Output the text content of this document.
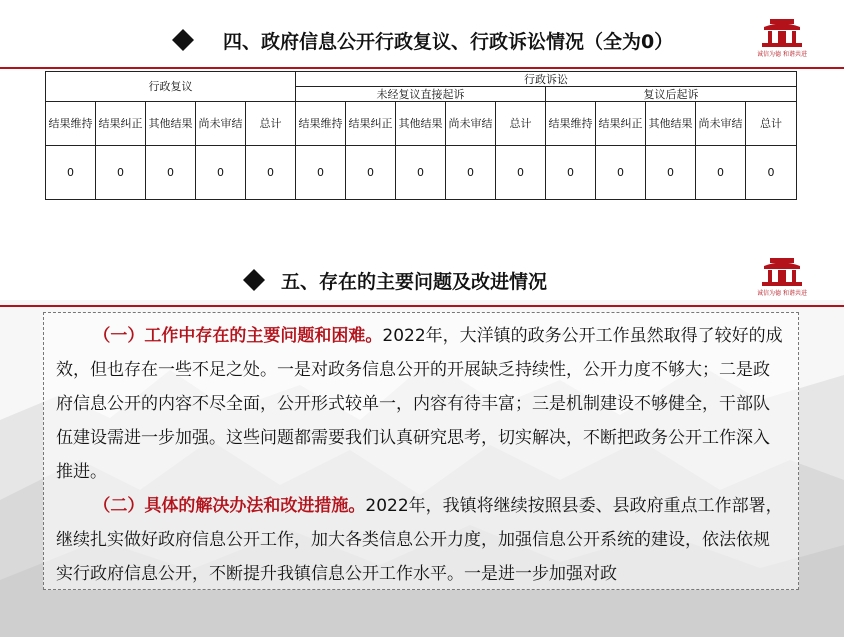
四、政府信息公开行政复议、行政诉讼情况（全为0）
诚信为德 和谐共进
行政复议					行政诉讼									
					未经复议直接起诉					复议后起诉				
结果维持	结果纠正	其他结果	尚未审结	总计	结果维持	结果纠正	其他结果	尚未审结	总计	结果维持	结果纠正	其他结果	尚未审结	总计
0	0	0	0	0	0	0	0	0	0	0	0	0	0	0
五、存在的主要问题及改进情况
诚信为德 和谐共进

（一）工作中存在的主要问题和困难。2022年，大洋镇的政务公开工作虽然取得了较好的成效，但也存在一些不足之处。一是对政务信息公开的开展缺乏持续性，公开力度不够大；二是政府信息公开的内容不尽全面，公开形式较单一，内容有待丰富；三是机制建设不够健全，干部队伍建设需进一步加强。这些问题都需要我们认真研究思考，切实解决，不断把政务公开工作深入推进。

（二）具体的解决办法和改进措施。2022年，我镇将继续按照县委、县政府重点工作部署，继续扎实做好政府信息公开工作，加大各类信息公开力度，加强信息公开系统的建设，依法依规实行政府信息公开，不断提升我镇信息公开工作水平。一是进一步加强对政
